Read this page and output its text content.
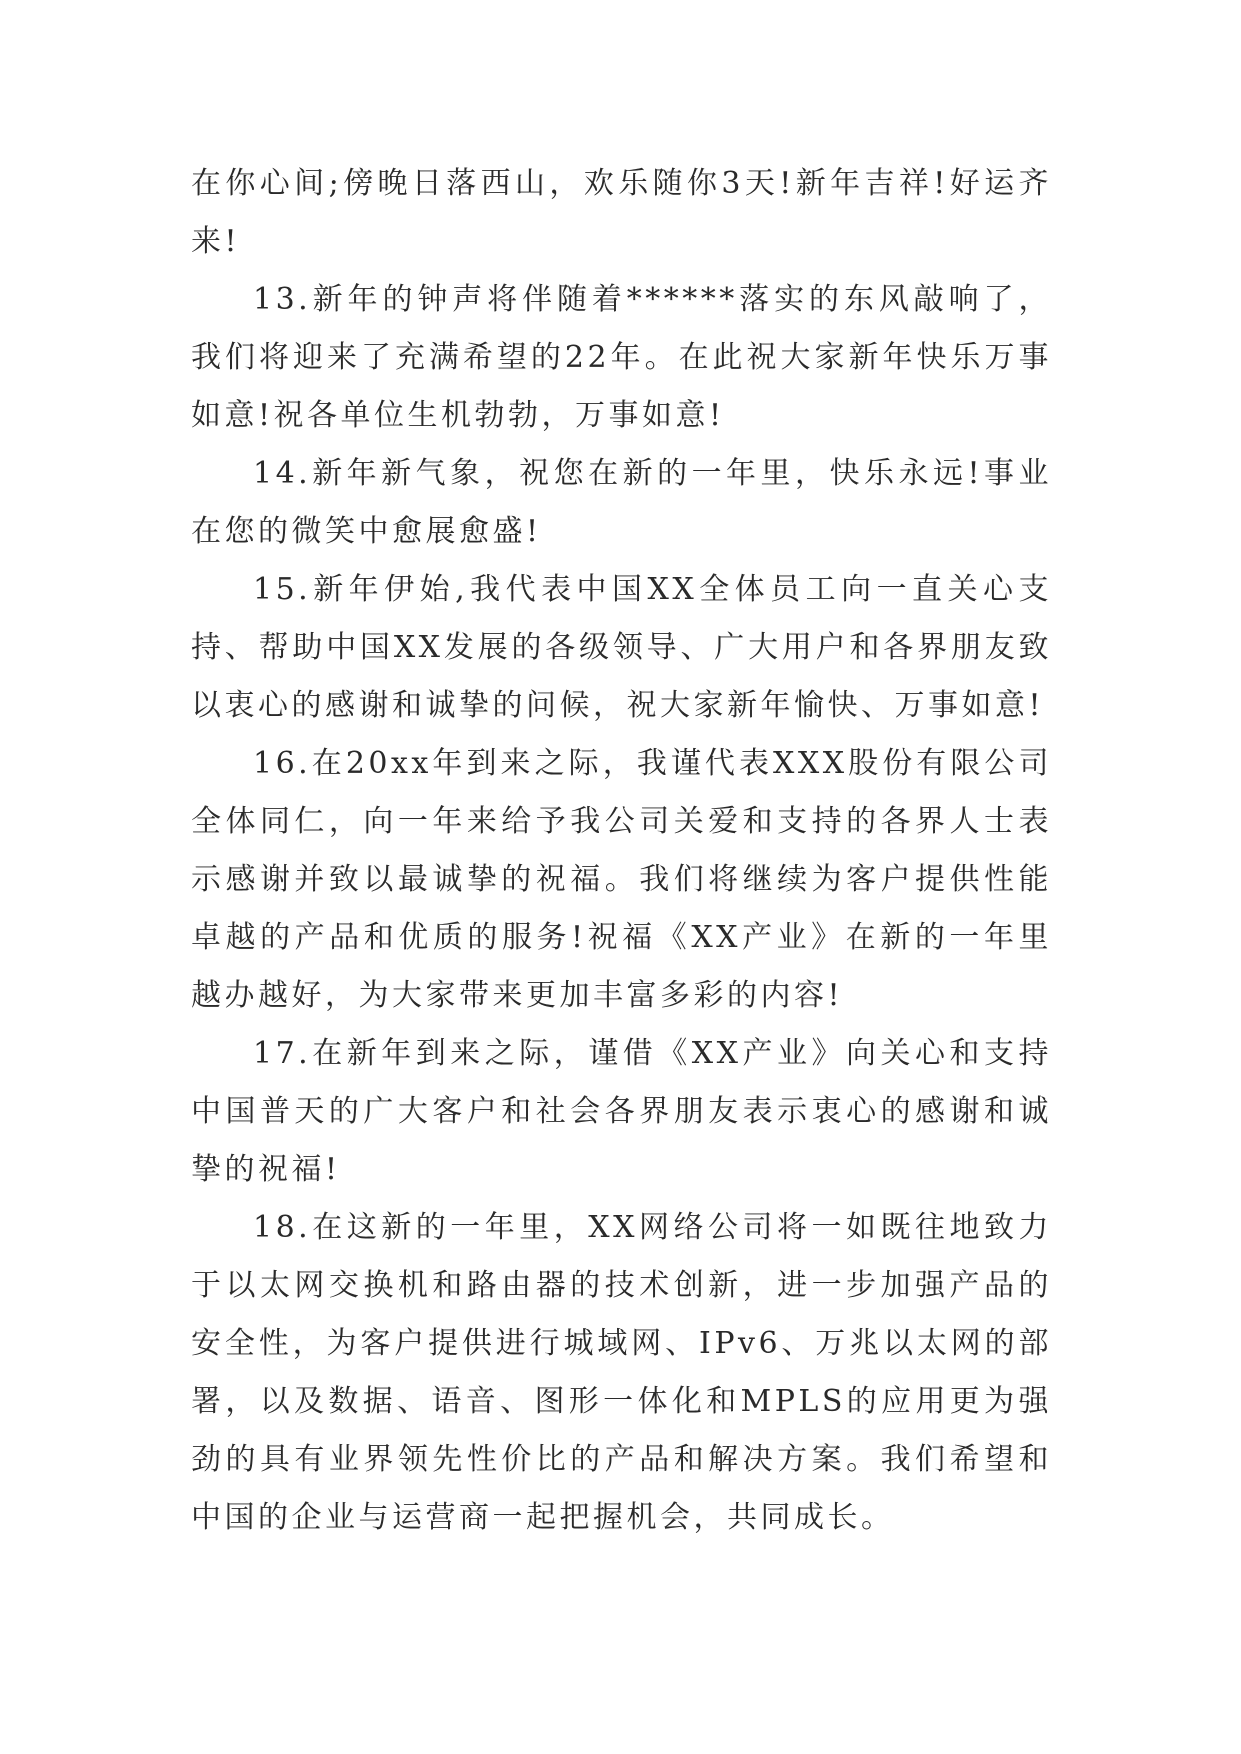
在你心间;傍晚日落西山，欢乐随你3天!新年吉祥!好运齐来!

13.新年的钟声将伴随着******落实的东风敲响了，我们将迎来了充满希望的22年。在此祝大家新年快乐万事如意!祝各单位生机勃勃，万事如意!

14.新年新气象，祝您在新的一年里，快乐永远!事业在您的微笑中愈展愈盛!

15.新年伊始,我代表中国XX全体员工向一直关心支持、帮助中国XX发展的各级领导、广大用户和各界朋友致以衷心的感谢和诚挚的问候，祝大家新年愉快、万事如意!

16.在20xx年到来之际，我谨代表XXX股份有限公司全体同仁，向一年来给予我公司关爱和支持的各界人士表示感谢并致以最诚挚的祝福。我们将继续为客户提供性能卓越的产品和优质的服务!祝福《XX产业》在新的一年里越办越好，为大家带来更加丰富多彩的内容!

17.在新年到来之际，谨借《XX产业》向关心和支持中国普天的广大客户和社会各界朋友表示衷心的感谢和诚挚的祝福!

18.在这新的一年里，XX网络公司将一如既往地致力于以太网交换机和路由器的技术创新，进一步加强产品的安全性，为客户提供进行城域网、IPv6、万兆以太网的部署，以及数据、语音、图形一体化和MPLS的应用更为强劲的具有业界领先性价比的产品和解决方案。我们希望和中国的企业与运营商一起把握机会，共同成长。
